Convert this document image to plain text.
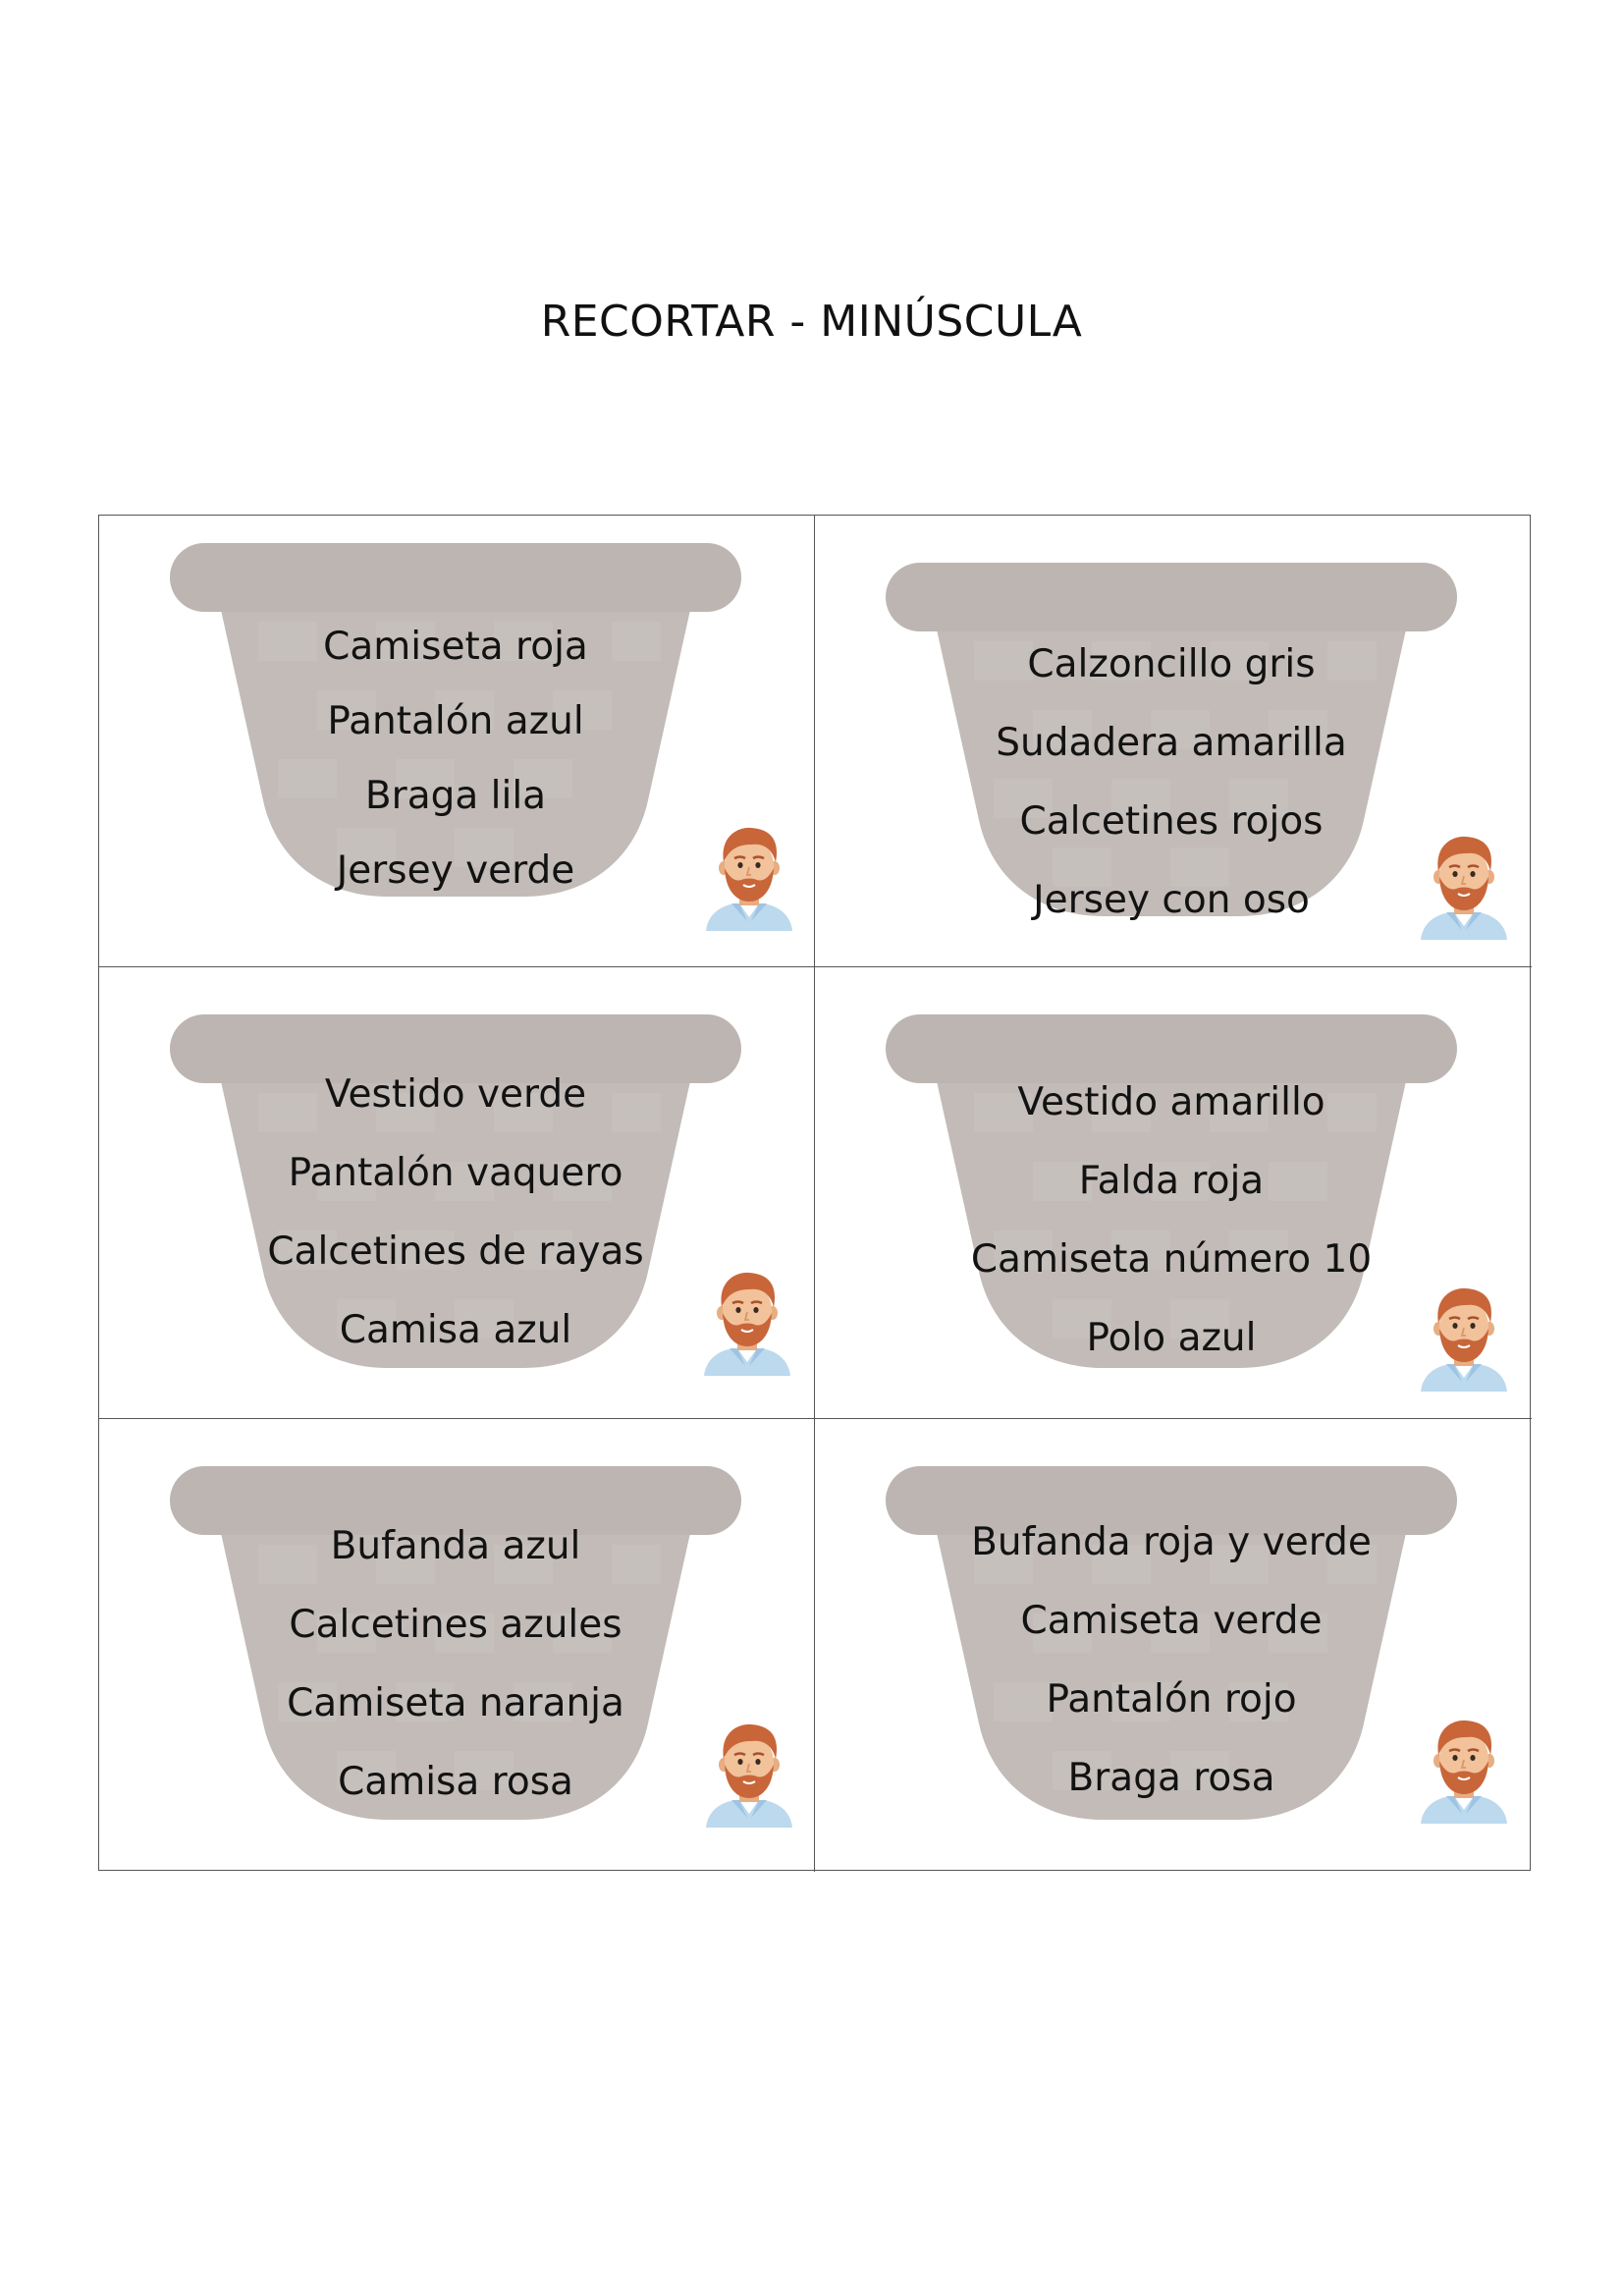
RECORTAR - MINÚSCULA
Camiseta roja
Pantalón azul
Braga lila
Jersey verde
Calzoncillo gris
Sudadera amarilla
Calcetines rojos
Jersey con oso
Vestido verde
Pantalón vaquero
Calcetines de rayas
Camisa azul
Vestido amarillo
Falda roja
Camiseta número 10
Polo azul
Bufanda azul
Calcetines azules
Camiseta naranja
Camisa rosa
Bufanda roja y verde
Camiseta verde
Pantalón rojo
Braga rosa
